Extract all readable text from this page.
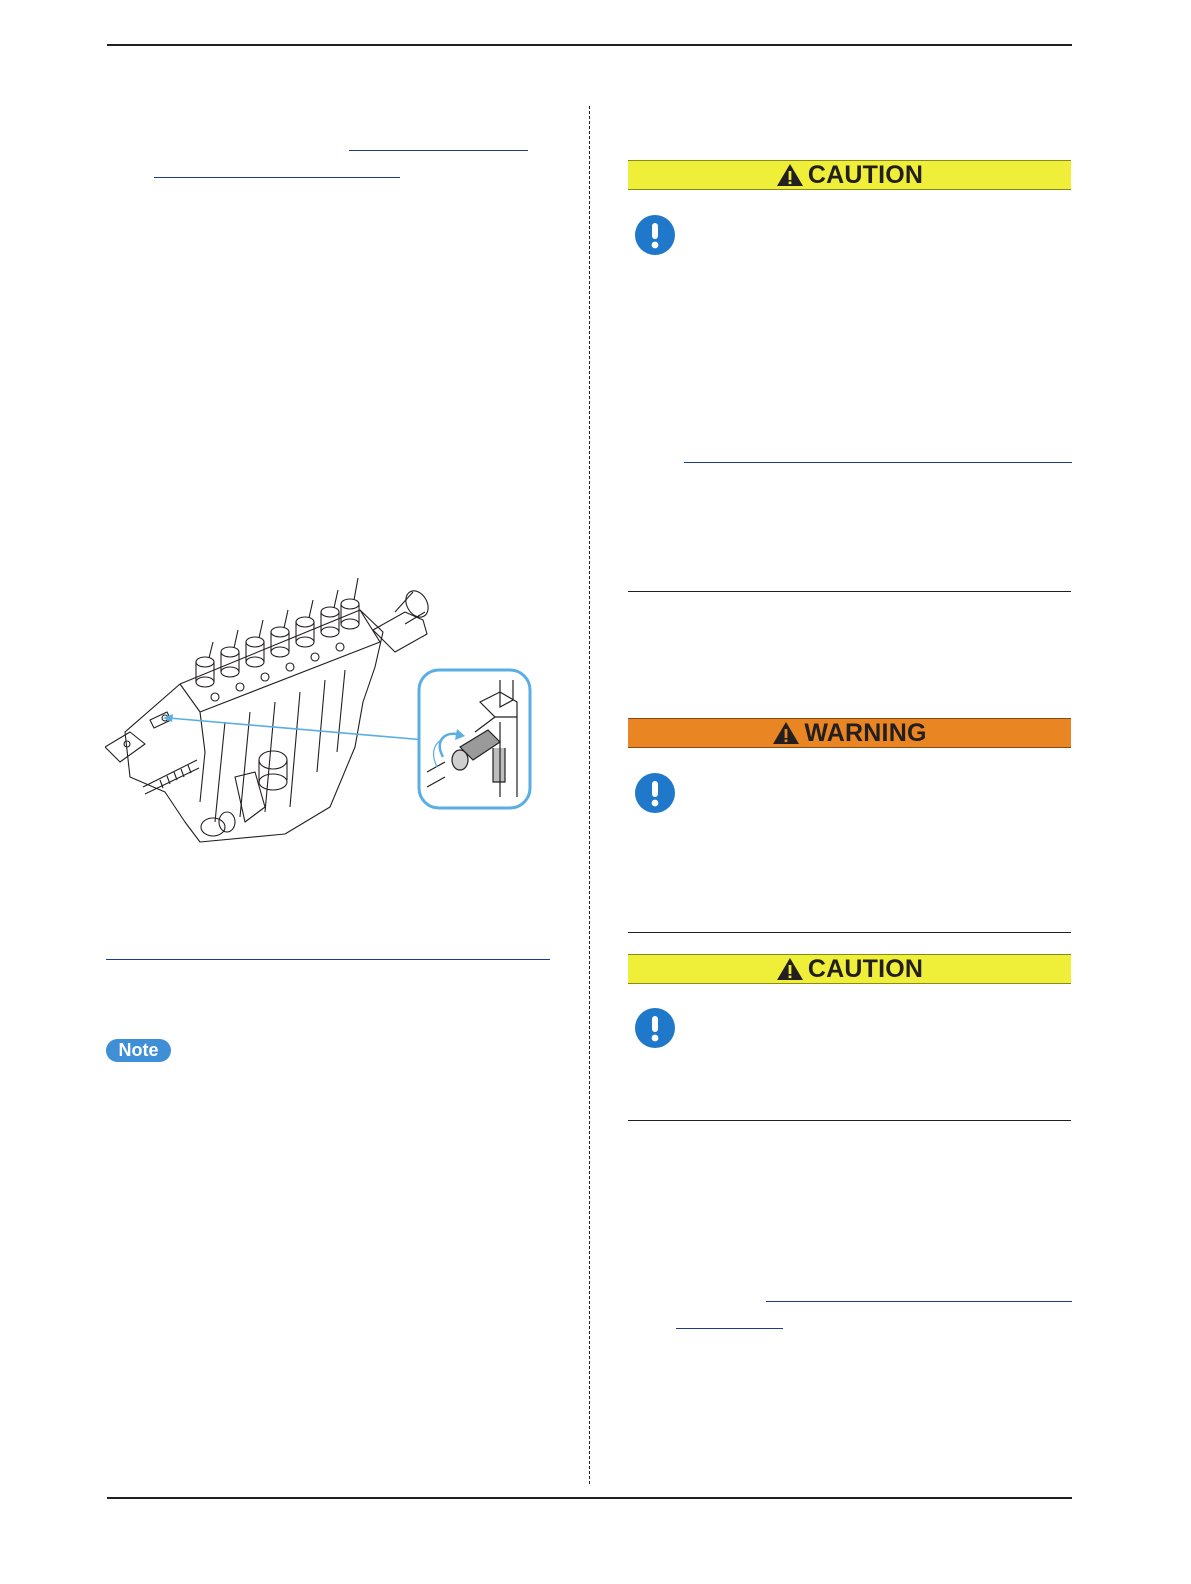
Note
CAUTION
WARNING
CAUTION
